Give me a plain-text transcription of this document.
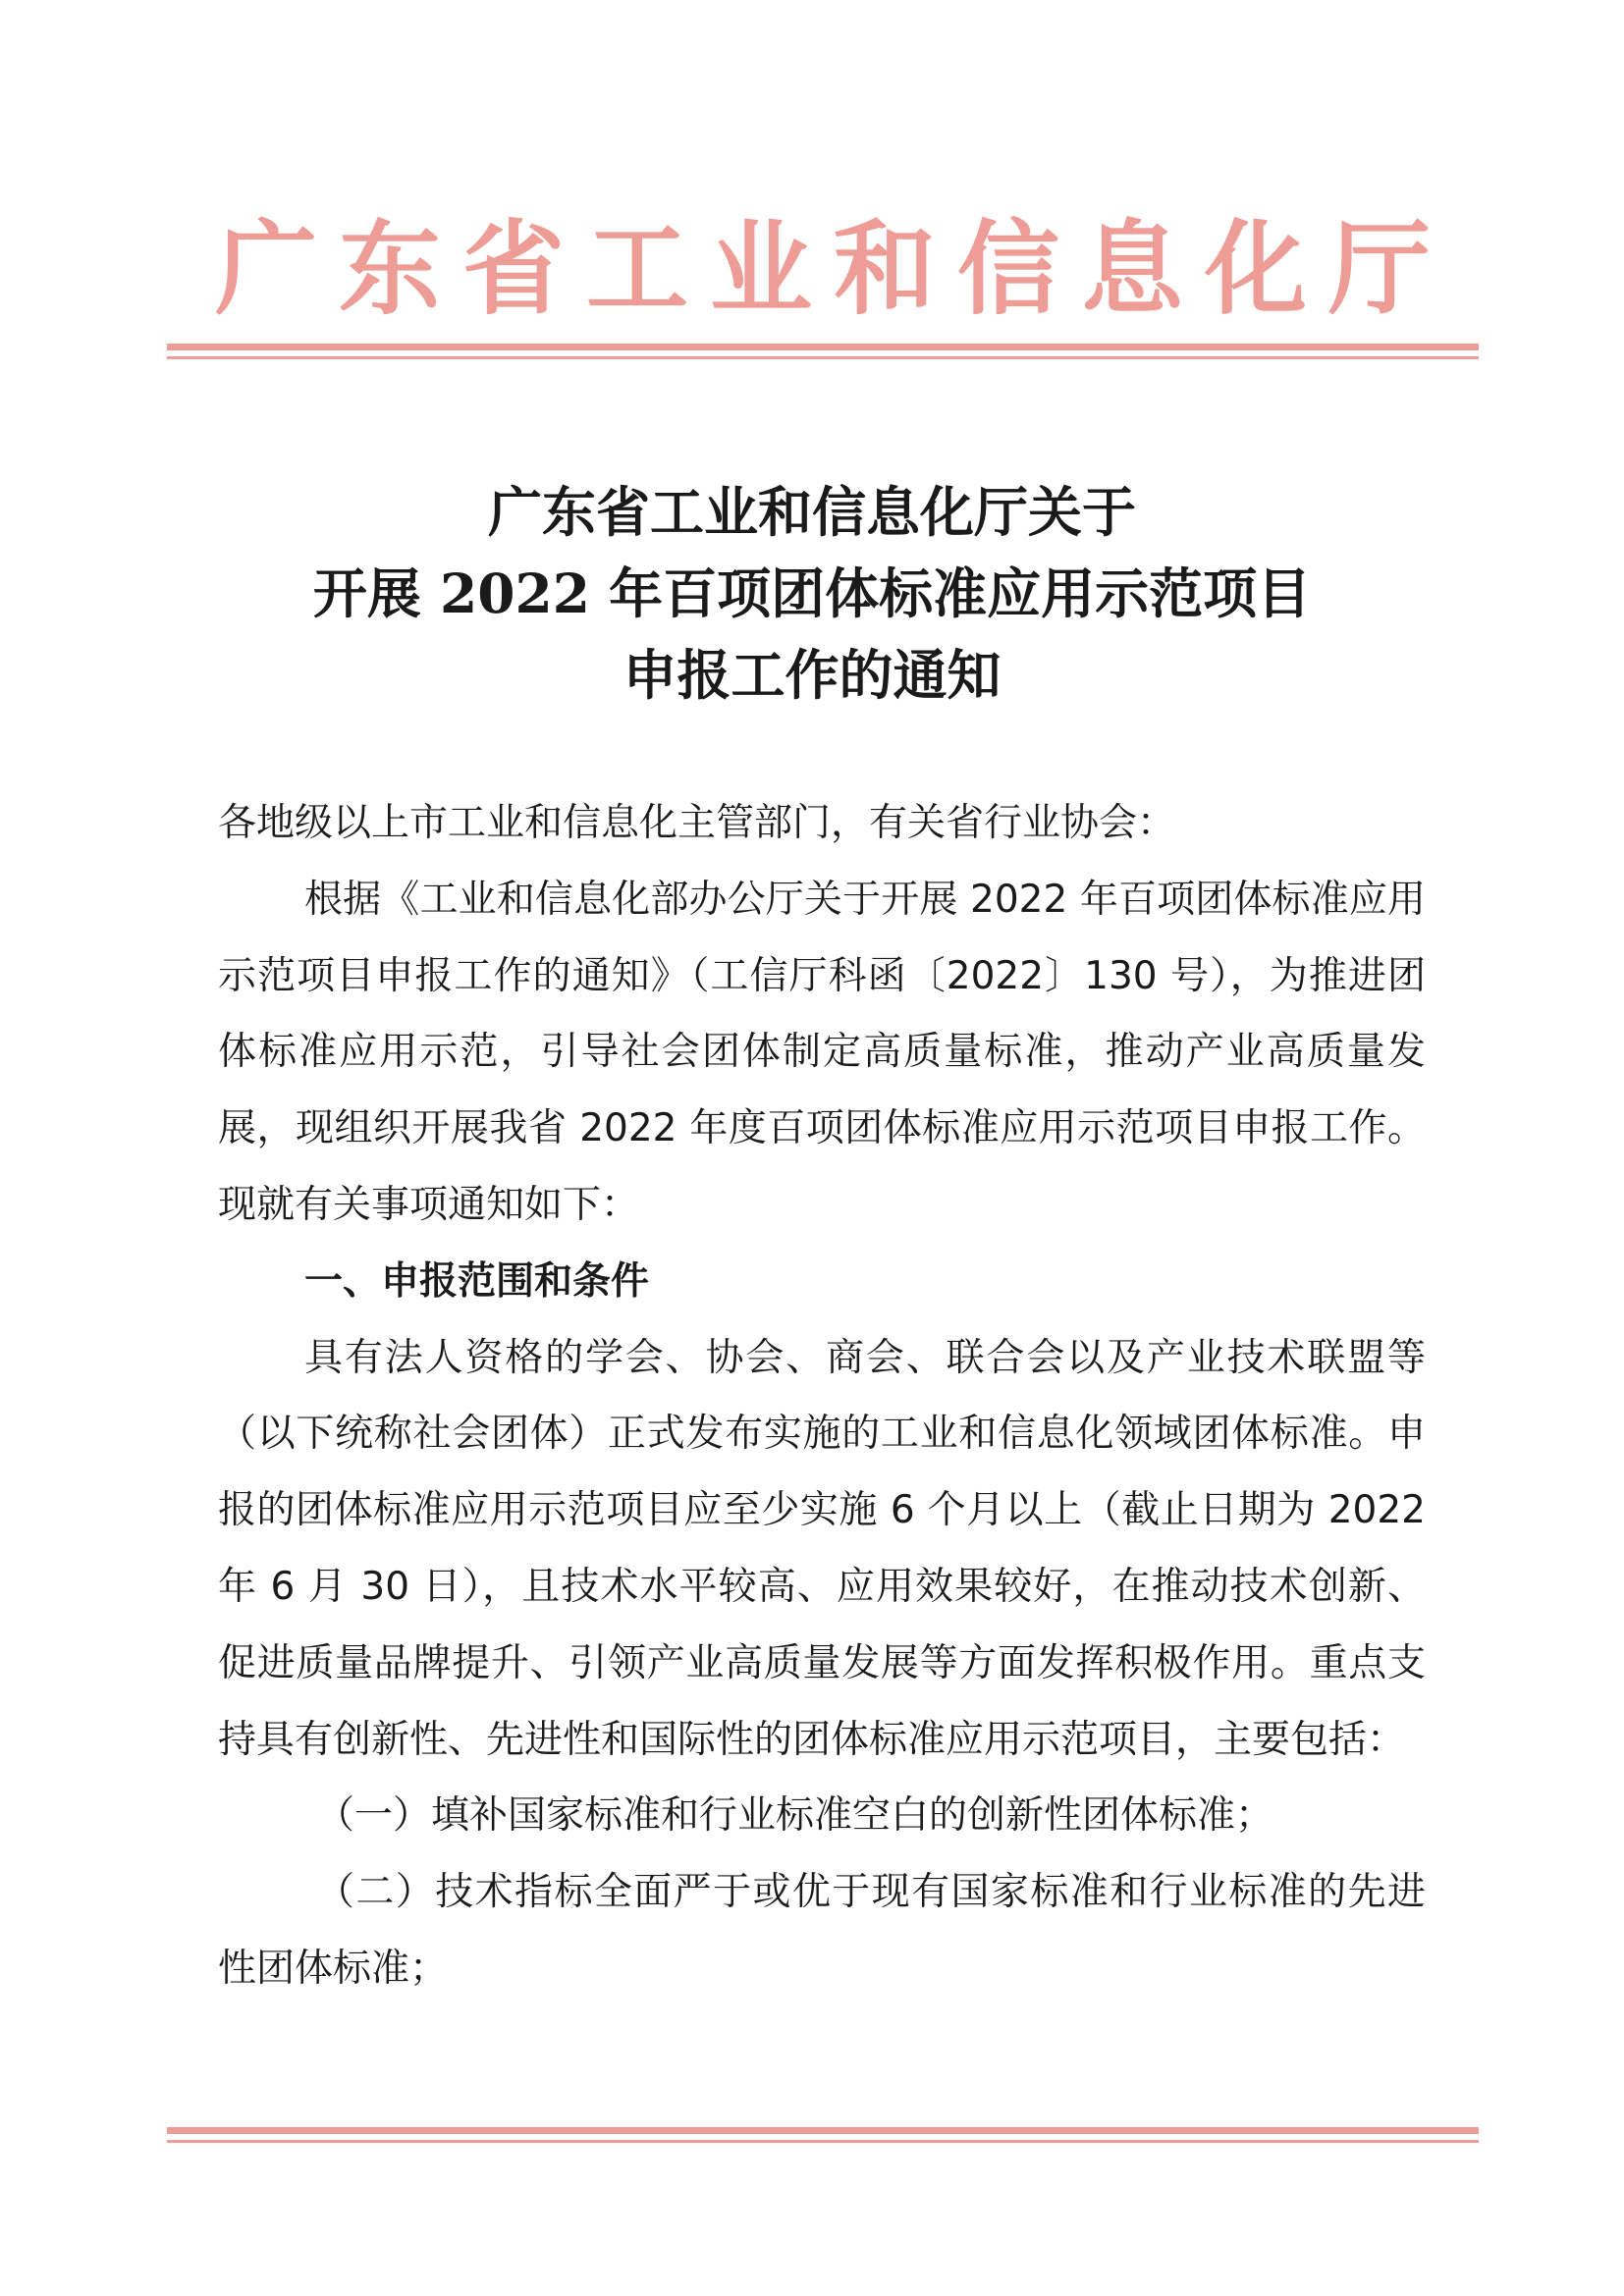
广东省工业和信息化厅
广东省工业和信息化厅关于
开展 2022 年百项团体标准应用示范项目
申报工作的通知

各地级以上市工业和信息化主管部门，有关省行业协会：

根据《工业和信息化部办公厅关于开展 2022 年百项团体标准应用示范项目申报工作的通知》（工信厅科函〔2022〕130 号），为推进团体标准应用示范，引导社会团体制定高质量标准，推动产业高质量发展，现组织开展我省 2022 年度百项团体标准应用示范项目申报工作。现就有关事项通知如下：

一、申报范围和条件

具有法人资格的学会、协会、商会、联合会以及产业技术联盟等（以下统称社会团体）正式发布实施的工业和信息化领域团体标准。申报的团体标准应用示范项目应至少实施 6 个月以上（截止日期为 2022 年 6 月 30 日），且技术水平较高、应用效果较好，在推动技术创新、促进质量品牌提升、引领产业高质量发展等方面发挥积极作用。重点支持具有创新性、先进性和国际性的团体标准应用示范项目，主要包括：

（一）填补国家标准和行业标准空白的创新性团体标准；

（二）技术指标全面严于或优于现有国家标准和行业标准的先进性团体标准；
